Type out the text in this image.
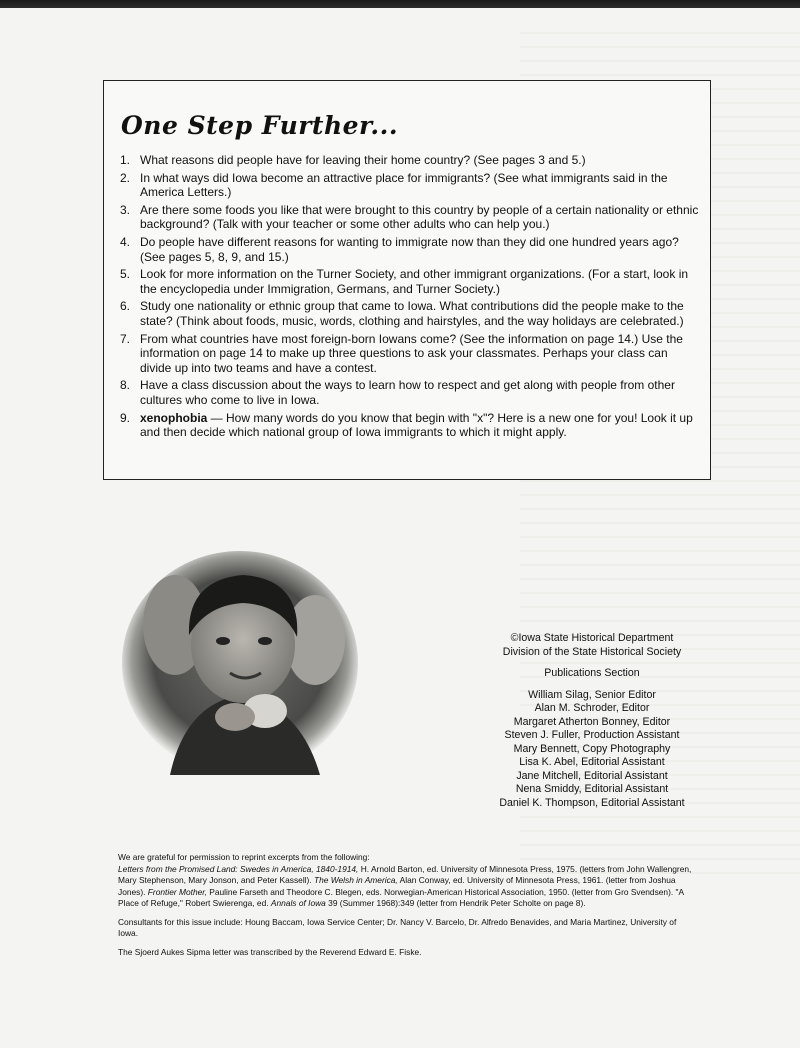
One Step Further...
1. What reasons did people have for leaving their home country? (See pages 3 and 5.)
2. In what ways did Iowa become an attractive place for immigrants? (See what immigrants said in the America Letters.)
3. Are there some foods you like that were brought to this country by people of a certain nationality or ethnic background? (Talk with your teacher or some other adults who can help you.)
4. Do people have different reasons for wanting to immigrate now than they did one hundred years ago? (See pages 5, 8, 9, and 15.)
5. Look for more information on the Turner Society, and other immigrant organizations. (For a start, look in the encyclopedia under Immigration, Germans, and Turner Society.)
6. Study one nationality or ethnic group that came to Iowa. What contributions did the people make to the state? (Think about foods, music, words, clothing and hairstyles, and the way holidays are celebrated.)
7. From what countries have most foreign-born Iowans come? (See the information on page 14.) Use the information on page 14 to make up three questions to ask your classmates. Perhaps your class can divide up into two teams and have a contest.
8. Have a class discussion about the ways to learn how to respect and get along with people from other cultures who come to live in Iowa.
9. xenophobia — How many words do you know that begin with "x"? Here is a new one for you! Look it up and then decide which national group of Iowa immigrants to which it might apply.
©Iowa State Historical Department
Division of the State Historical Society
Publications Section
William Silag, Senior Editor
Alan M. Schroder, Editor
Margaret Atherton Bonney, Editor
Steven J. Fuller, Production Assistant
Mary Bennett, Copy Photography
Lisa K. Abel, Editorial Assistant
Jane Mitchell, Editorial Assistant
Nena Smiddy, Editorial Assistant
Daniel K. Thompson, Editorial Assistant

We are grateful for permission to reprint excerpts from the following:
Letters from the Promised Land: Swedes in America, 1840-1914, H. Arnold Barton, ed. University of Minnesota Press, 1975. (letters from John Wallengren, Mary Stephenson, Mary Jonson, and Peter Kassell). The Welsh in America, Alan Conway, ed. University of Minnesota Press, 1961. (letter from Joshua Jones). Frontier Mother, Pauline Farseth and Theodore C. Blegen, eds. Norwegian-American Historical Association, 1950. (letter from Gro Svendsen). "A Place of Refuge," Robert Swierenga, ed. Annals of Iowa 39 (Summer 1968):349 (letter from Hendrik Peter Scholte on page 8).

Consultants for this issue include: Houng Baccam, Iowa Service Center; Dr. Nancy V. Barcelo, Dr. Alfredo Benavides, and Maria Martinez, University of Iowa.

The Sjoerd Aukes Sipma letter was transcribed by the Reverend Edward E. Fiske.
